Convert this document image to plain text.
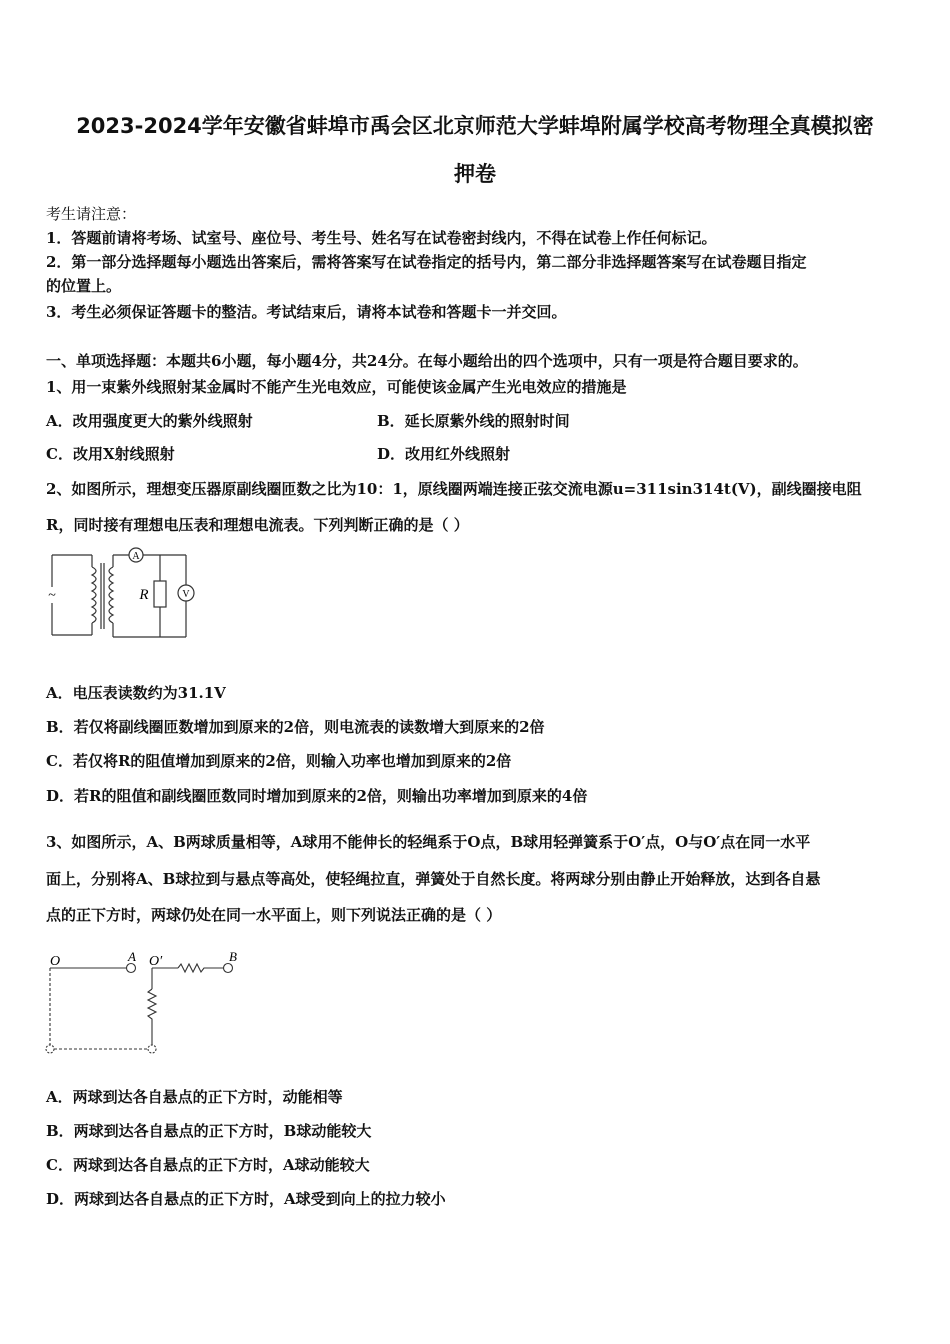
2023-2024学年安徽省蚌埠市禹会区北京师范大学蚌埠附属学校高考物理全真模拟密
押卷
考生请注意：
1．答题前请将考场、试室号、座位号、考生号、姓名写在试卷密封线内，不得在试卷上作任何标记。
2．第一部分选择题每小题选出答案后，需将答案写在试卷指定的括号内，第二部分非选择题答案写在试卷题目指定
的位置上。
3．考生必须保证答题卡的整洁。考试结束后，请将本试卷和答题卡一并交回。
一、单项选择题：本题共6小题，每小题4分，共24分。在每小题给出的四个选项中，只有一项是符合题目要求的。
1、用一束紫外线照射某金属时不能产生光电效应，可能使该金属产生光电效应的措施是
A．改用强度更大的紫外线照射	B．延长原紫外线的照射时间
C．改用X射线照射	D．改用红外线照射
2、如图所示，理想变压器原副线圈匝数之比为10：1，原线圈两端连接正弦交流电源u=311sin314t(V)，副线圈接电阻
R，同时接有理想电压表和理想电流表。下列判断正确的是（ ）
~
A
V
R
A．电压表读数约为31.1V
B．若仅将副线圈匝数增加到原来的2倍，则电流表的读数增大到原来的2倍
C．若仅将R的阻值增加到原来的2倍，则输入功率也增加到原来的2倍
D．若R的阻值和副线圈匝数同时增加到原来的2倍，则输出功率增加到原来的4倍
3、如图所示，A、B两球质量相等，A球用不能伸长的轻绳系于O点，B球用轻弹簧系于O′点，O与O′点在同一水平
面上，分别将A、B球拉到与悬点等高处，使轻绳拉直，弹簧处于自然长度。将两球分别由静止开始释放，达到各自悬
点的正下方时，两球仍处在同一水平面上，则下列说法正确的是（ ）
O	A O′	B
A．两球到达各自悬点的正下方时，动能相等
B．两球到达各自悬点的正下方时，B球动能较大
C．两球到达各自悬点的正下方时，A球动能较大
D．两球到达各自悬点的正下方时，A球受到向上的拉力较小
